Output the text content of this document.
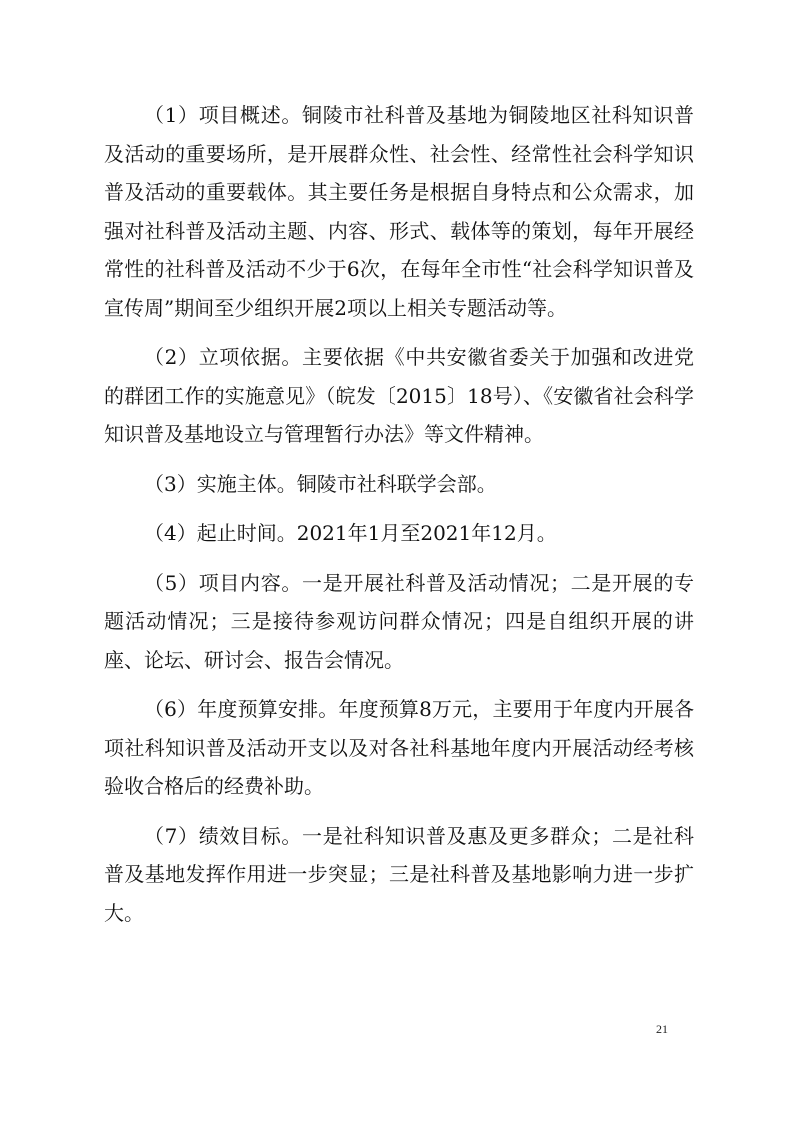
（1）项目概述。铜陵市社科普及基地为铜陵地区社科知识普及活动的重要场所，是开展群众性、社会性、经常性社会科学知识普及活动的重要载体。其主要任务是根据自身特点和公众需求，加强对社科普及活动主题、内容、形式、载体等的策划，每年开展经常性的社科普及活动不少于6次，在每年全市性“社会科学知识普及宣传周”期间至少组织开展2项以上相关专题活动等。

（2）立项依据。主要依据《中共安徽省委关于加强和改进党的群团工作的实施意见》（皖发〔2015〕18号）、《安徽省社会科学知识普及基地设立与管理暂行办法》等文件精神。

（3）实施主体。铜陵市社科联学会部。

（4）起止时间。2021年1月至2021年12月。

（5）项目内容。一是开展社科普及活动情况；二是开展的专题活动情况；三是接待参观访问群众情况；四是自组织开展的讲座、论坛、研讨会、报告会情况。

（6）年度预算安排。年度预算8万元，主要用于年度内开展各项社科知识普及活动开支以及对各社科基地年度内开展活动经考核验收合格后的经费补助。

（7）绩效目标。一是社科知识普及惠及更多群众；二是社科普及基地发挥作用进一步突显；三是社科普及基地影响力进一步扩大。

21
